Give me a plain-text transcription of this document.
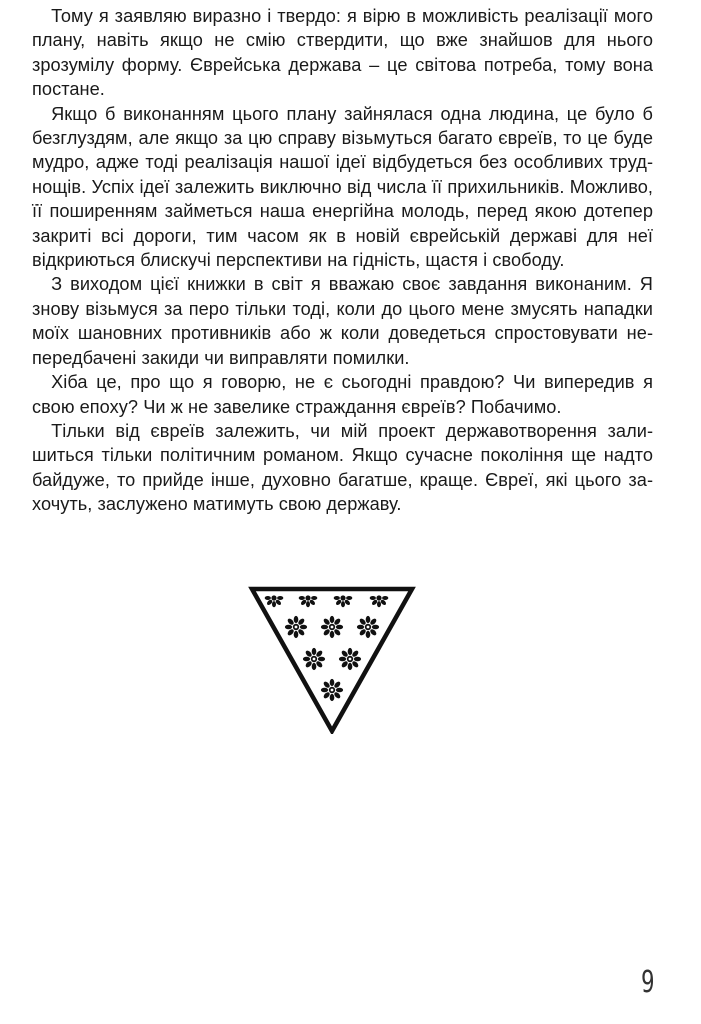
Тому я заявляю виразно і твердо: я вірю в можливість реалізації мого плану, навіть якщо не смію ствердити, що вже знайшов для нього зрозумілу форму. Єврейська держава – це світова потреба, тому вона постане.

Якщо б виконанням цього плану зайнялася одна людина, це було б безглуздям, але якщо за цю справу візьмуться багато євреїв, то це буде мудро, адже тоді реалізація нашої ідеї відбудеться без особливих труднощів. Успіх ідеї залежить виключно від числа її прихильників. Можливо, її поширенням займеться наша енергійна молодь, перед якою дотепер закриті всі дороги, тим часом як в новій єврейській державі для неї відкриються блискучі перспективи на гідність, щастя і свободу.

З виходом цієї книжки в світ я вважаю своє завдання виконаним. Я знову візьмуся за перо тільки тоді, коли до цього мене змусять нападки моїх шановних противників або ж коли доведеться спростовувати непередбачені закиди чи виправляти помилки.

Хіба це, про що я говорю, не є сьогодні правдою? Чи випередив я свою епоху? Чи ж не завелике страждання євреїв? Побачимо.

Тільки від євреїв залежить, чи мій проект державотворення залишиться тільки політичним романом. Якщо сучасне покоління ще надто байдуже, то прийде інше, духовно багатше, краще. Євреї, які цього захочуть, заслужено матимуть свою державу.

9
